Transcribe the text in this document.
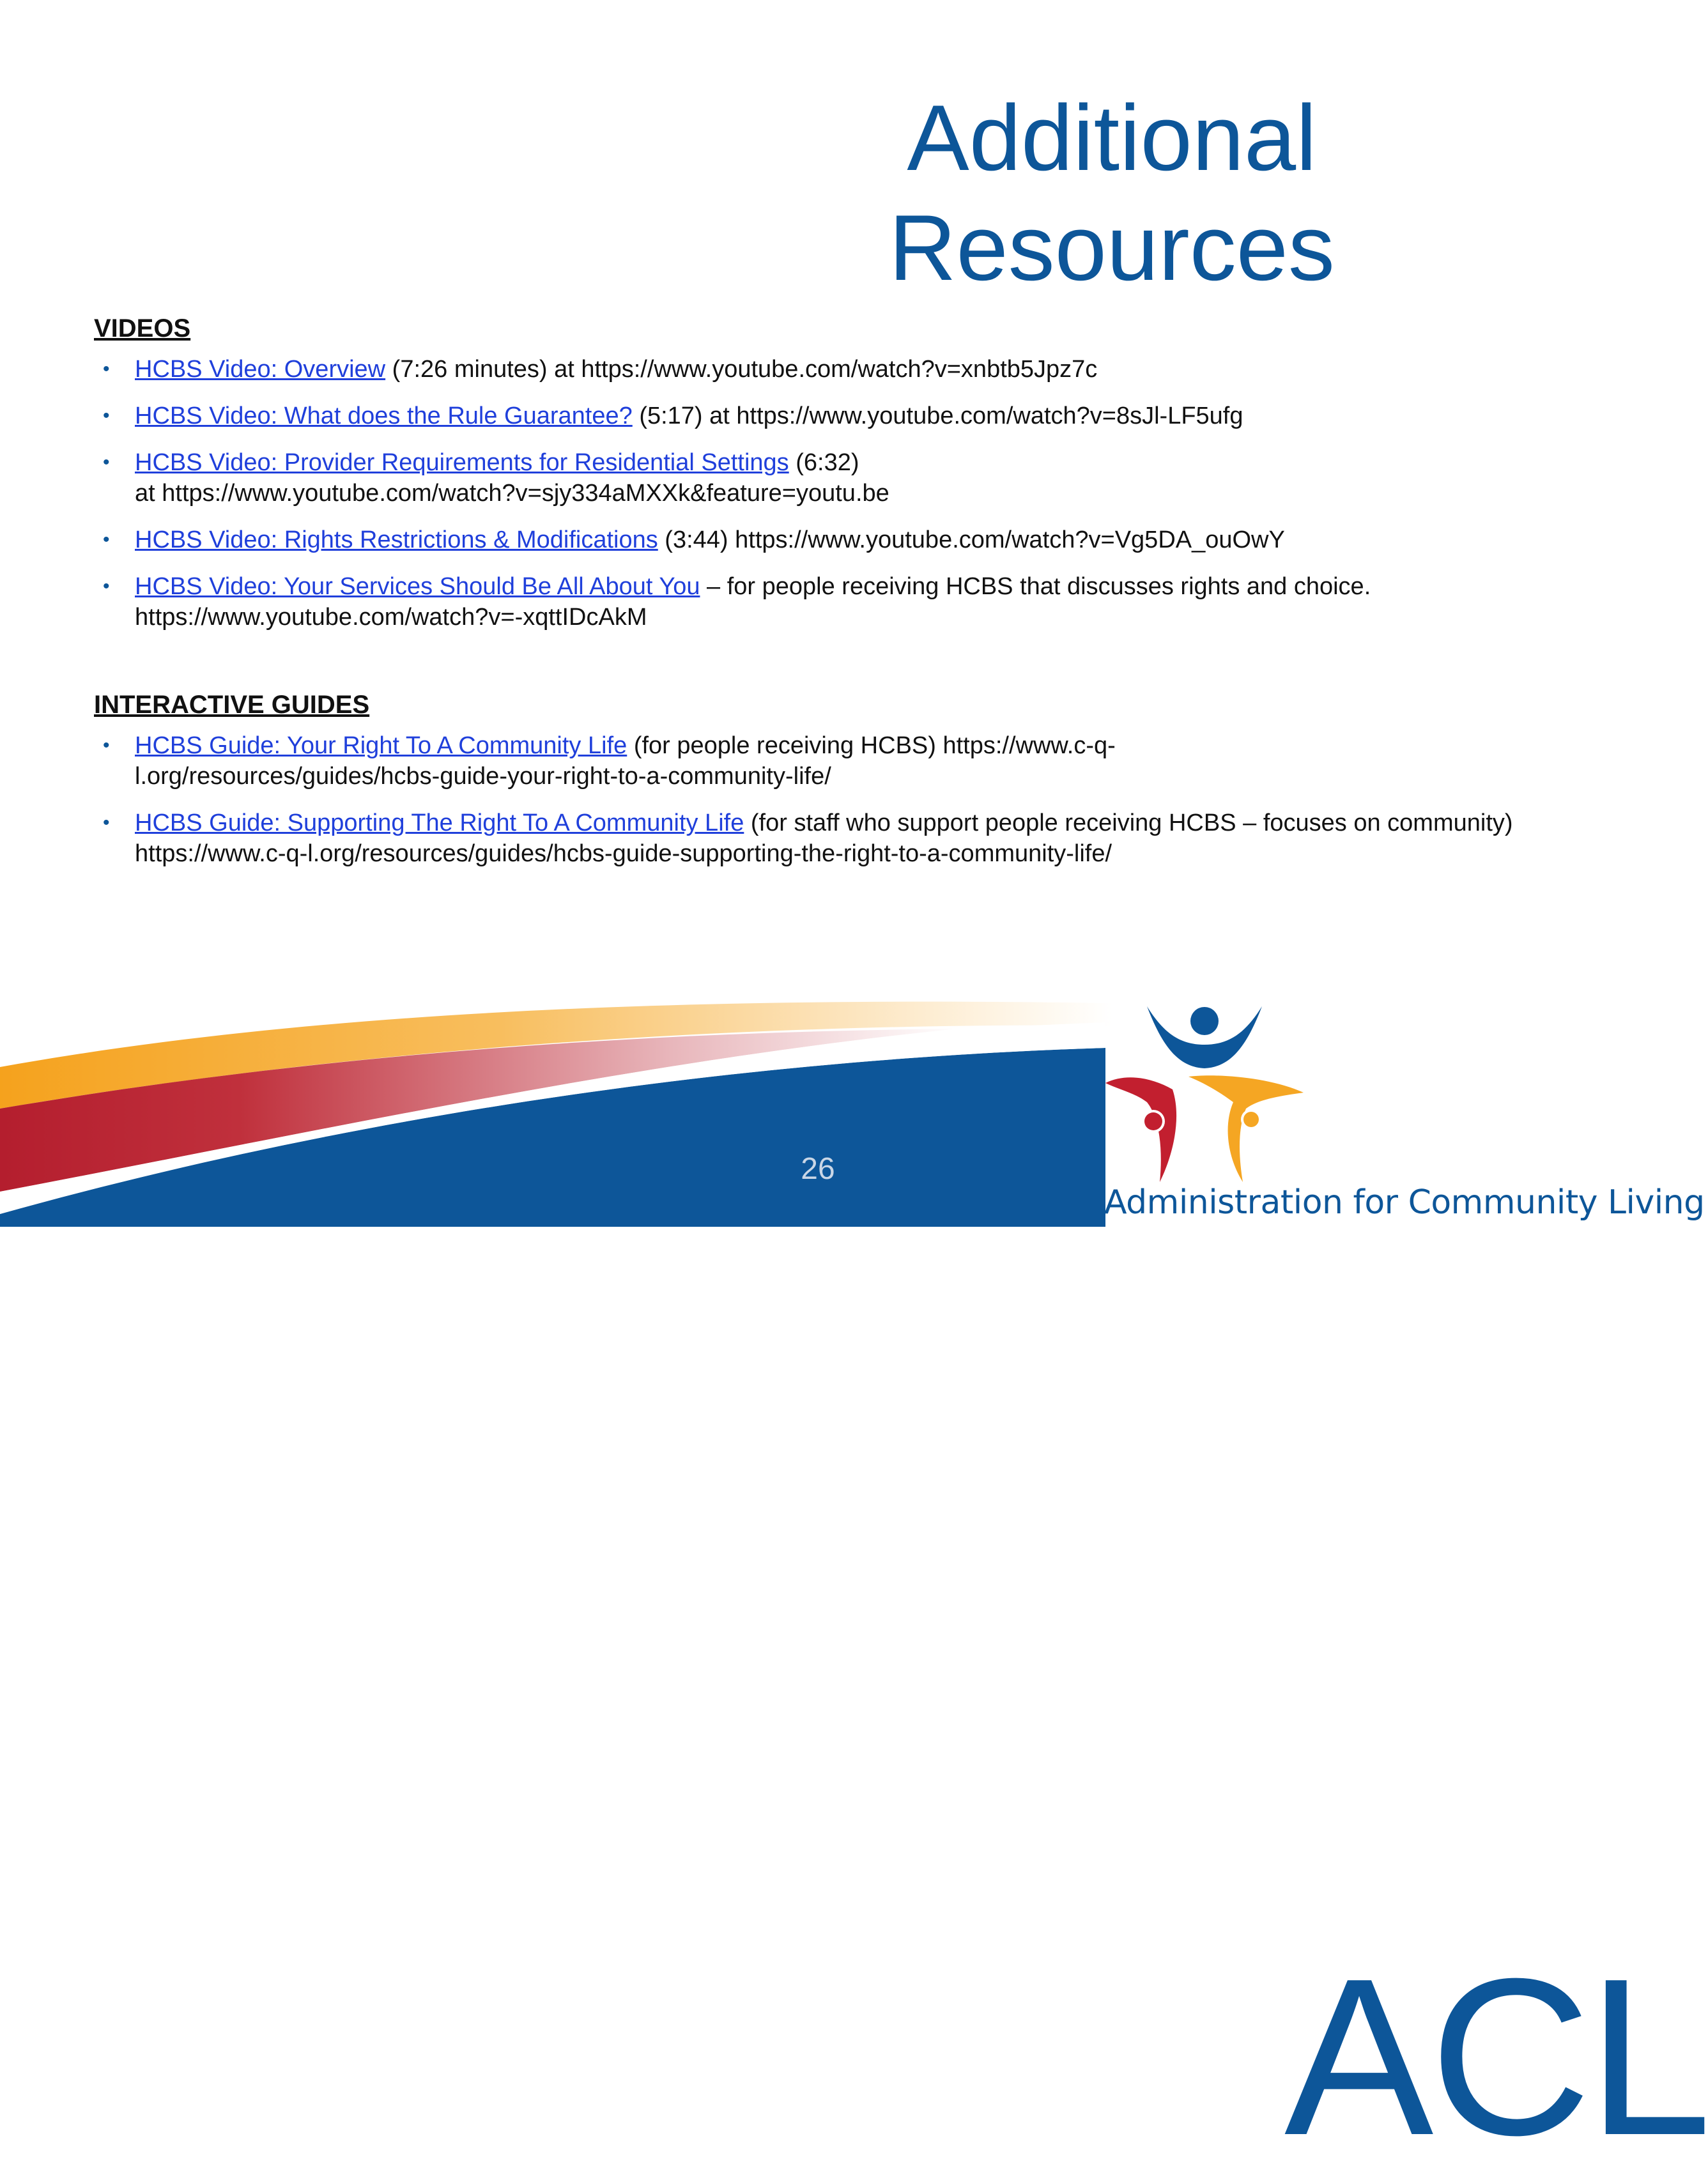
Additional
Resources
VIDEOS
• HCBS Video: Overview (7:26 minutes) at https://www.youtube.com/watch?v=xnbtb5Jpz7c
• HCBS Video: What does the Rule Guarantee? (5:17) at https://www.youtube.com/watch?v=8sJl-LF5ufg
• HCBS Video: Provider Requirements for Residential Settings (6:32)
at https://www.youtube.com/watch?v=sjy334aMXXk&feature=youtu.be
• HCBS Video: Rights Restrictions & Modifications (3:44) https://www.youtube.com/watch?v=Vg5DA_ouOwY
• HCBS Video: Your Services Should Be All About You – for people receiving HCBS that discusses rights and choice. https://www.youtube.com/watch?v=-xqttIDcAkM
INTERACTIVE GUIDES
• HCBS Guide: Your Right To A Community Life (for people receiving HCBS) https://www.c-q-
l.org/resources/guides/hcbs-guide-your-right-to-a-community-life/
• HCBS Guide: Supporting The Right To A Community Life (for staff who support people receiving HCBS – focuses on community) https://www.c-q-l.org/resources/guides/hcbs-guide-supporting-the-right-to-a-community-life/
ACL
26
Administration for Community Living
